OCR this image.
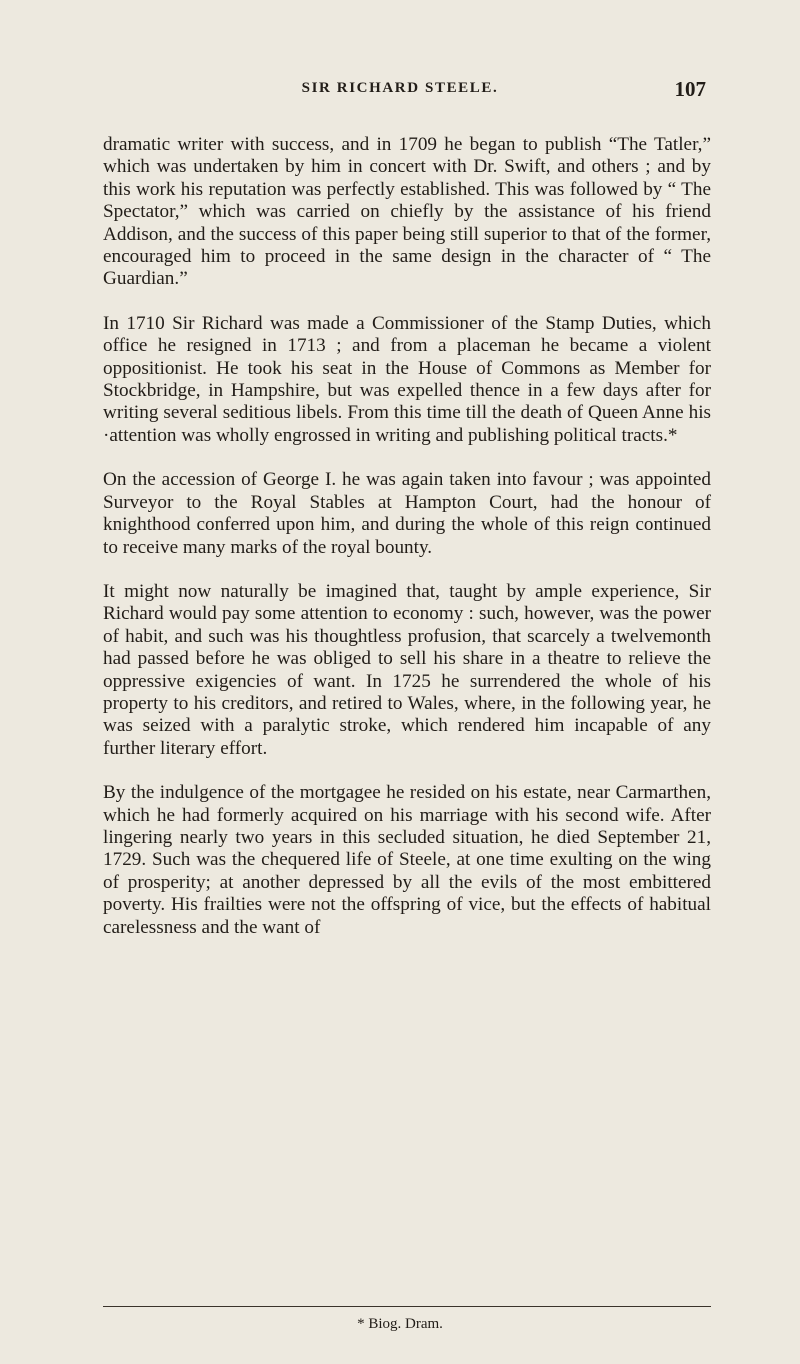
SIR RICHARD STEELE.	107

dramatic writer with success, and in 1709 he began to publish “The Tatler,” which was undertaken by him in concert with Dr. Swift, and others ; and by this work his reputation was perfectly established. This was followed by “ The Spectator,” which was carried on chiefly by the assistance of his friend Addison, and the success of this paper being still superior to that of the former, encouraged him to proceed in the same design in the character of “ The Guardian.”

In 1710 Sir Richard was made a Commissioner of the Stamp Duties, which office he resigned in 1713 ; and from a placeman he became a violent oppositionist. He took his seat in the House of Commons as Member for Stockbridge, in Hampshire, but was expelled thence in a few days after for writing several seditious libels. From this time till the death of Queen Anne his ·attention was wholly engrossed in writing and publishing political tracts.*

On the accession of George I. he was again taken into favour ; was appointed Surveyor to the Royal Stables at Hampton Court, had the honour of knighthood conferred upon him, and during the whole of this reign continued to receive many marks of the royal bounty.

It might now naturally be imagined that, taught by ample experience, Sir Richard would pay some attention to economy : such, however, was the power of habit, and such was his thoughtless profusion, that scarcely a twelvemonth had passed before he was obliged to sell his share in a theatre to relieve the oppressive exigencies of want. In 1725 he surrendered the whole of his property to his creditors, and retired to Wales, where, in the following year, he was seized with a paralytic stroke, which rendered him incapable of any further literary effort.

By the indulgence of the mortgagee he resided on his estate, near Carmarthen, which he had formerly acquired on his marriage with his second wife. After lingering nearly two years in this secluded situation, he died September 21, 1729. Such was the chequered life of Steele, at one time exulting on the wing of prosperity; at another depressed by all the evils of the most embittered poverty. His frailties were not the offspring of vice, but the effects of habitual carelessness and the want of

* Biog. Dram.
